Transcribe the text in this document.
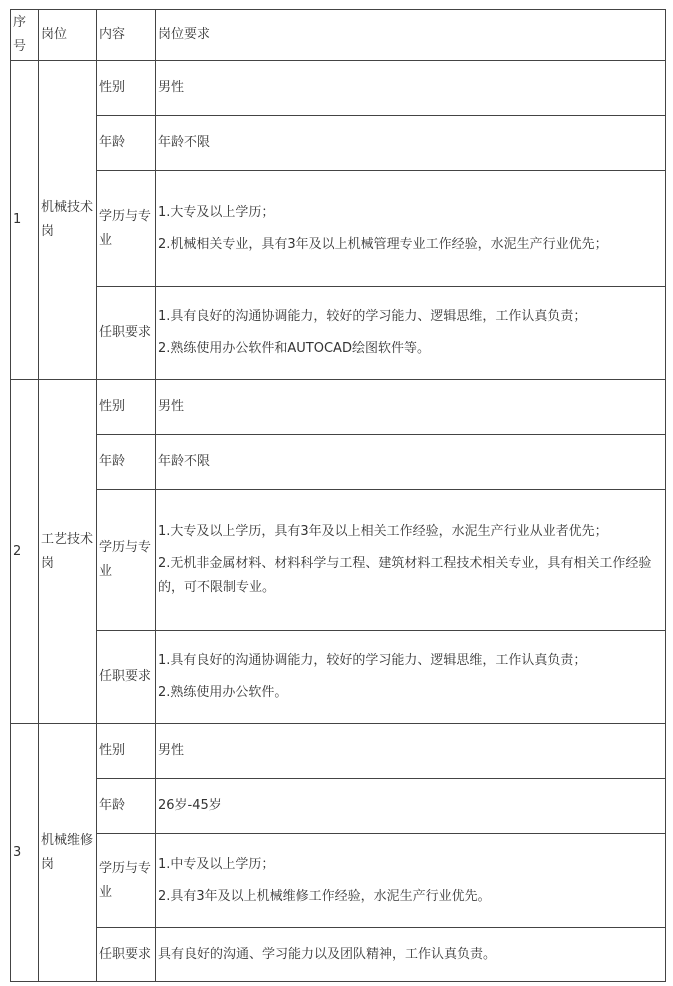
序号	岗位	内容	岗位要求
1	机械技术岗	性别	男性

		年龄	年龄不限

		学历与专业	1.大专及以上学历；
2.机械相关专业，具有3年及以上机械管理专业工作经验，水泥生产行业优先；

		任职要求	1.具有良好的沟通协调能力，较好的学习能力、逻辑思维，工作认真负责；
2.熟练使用办公软件和AUTOCAD绘图软件等。

2	工艺技术岗	性别	男性

		年龄	年龄不限

		学历与专业	1.大专及以上学历，具有3年及以上相关工作经验，水泥生产行业从业者优先；
2.无机非金属材料、材料科学与工程、建筑材料工程技术相关专业，具有相关工作经验的，可不限制专业。

		任职要求	1.具有良好的沟通协调能力，较好的学习能力、逻辑思维，工作认真负责；
2.熟练使用办公软件。

3	机械维修岗	性别	男性

		年龄	26岁-45岁

		学历与专业	1.中专及以上学历；
2.具有3年及以上机械维修工作经验，水泥生产行业优先。

		任职要求	具有良好的沟通、学习能力以及团队精神，工作认真负责。
